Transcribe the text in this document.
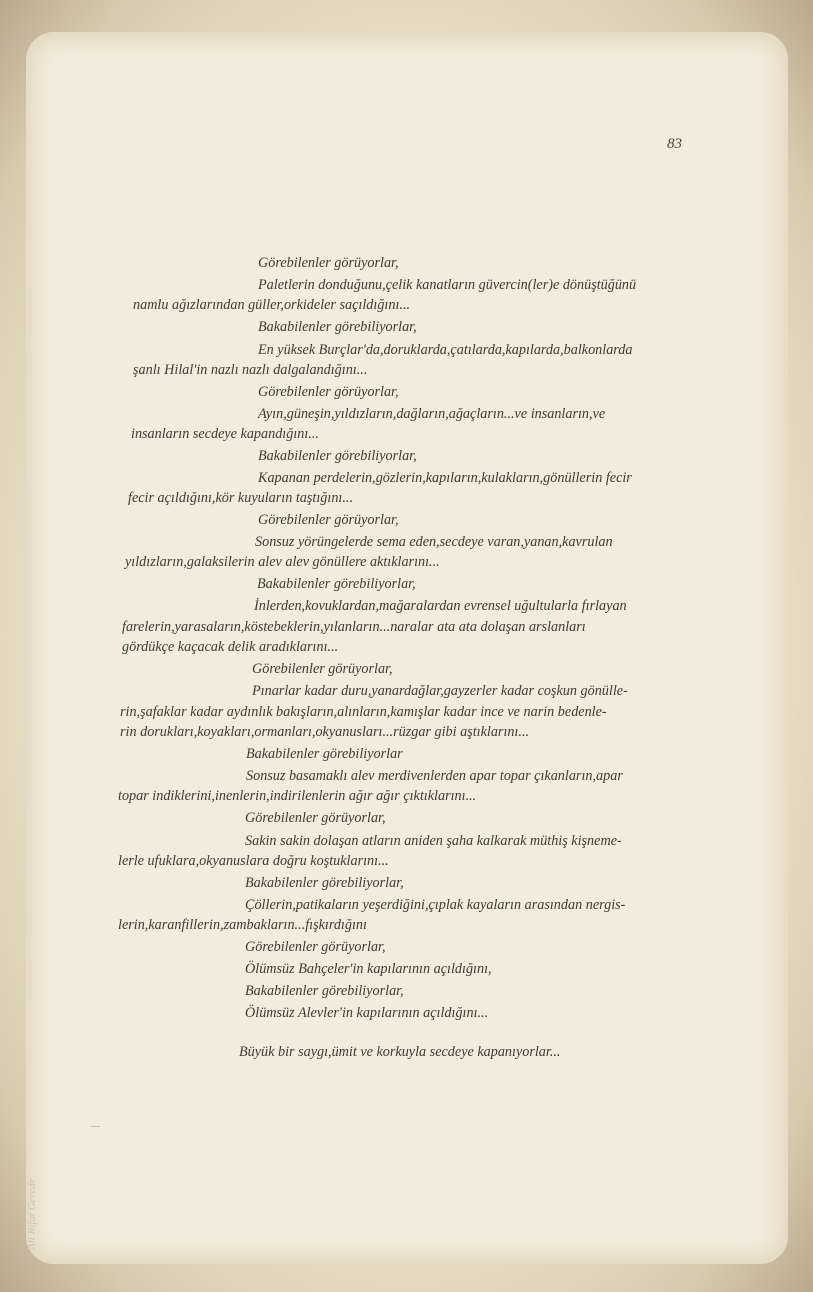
83
Görebilenler görüyorlar,
Paletlerin donduğunu,çelik kanatların güvercin(ler)e dönüştüğünü
namlu ağızlarından güller,orkideler saçıldığını...
Bakabilenler görebiliyorlar,
En yüksek Burçlar'da,doruklarda,çatılarda,kapılarda,balkonlarda
şanlı Hilal'in nazlı nazlı dalgalandığını...
Görebilenler görüyorlar,
Ayın,güneşin,yıldızların,dağların,ağaçların...ve insanların,ve
insanların secdeye kapandığını...
Bakabilenler görebiliyorlar,
Kapanan perdelerin,gözlerin,kapıların,kulakların,gönüllerin fecir
fecir açıldığını,kör kuyuların taştığını...
Görebilenler görüyorlar,
Sonsuz yörüngelerde sema eden,secdeye varan,yanan,kavrulan
yıldızların,galaksilerin alev alev gönüllere aktıklarını...
Bakabilenler görebiliyorlar,
İnlerden,kovuklardan,mağaralardan evrensel uğultularla fırlayan
farelerin,yarasaların,köstebeklerin,yılanların...naralar ata ata dolaşan arslanları
gördükçe kaçacak delik aradıklarını...
Görebilenler görüyorlar,
Pınarlar kadar duru,yanardağlar,gayzerler kadar coşkun gönülle-
rin,şafaklar kadar aydınlık bakışların,alınların,kamışlar kadar ince ve narin bedenle-
rin dorukları,koyakları,ormanları,okyanusları...rüzgar gibi aştıklarını...
Bakabilenler görebiliyorlar
Sonsuz basamaklı alev merdivenlerden apar topar çıkanların,apar
topar indiklerini,inenlerin,indirilenlerin ağır ağır çıktıklarını...
Görebilenler görüyorlar,
Sakin sakin dolaşan atların aniden şaha kalkarak müthiş kişneme-
lerle ufuklara,okyanuslara doğru koştuklarını...
Bakabilenler görebiliyorlar,
Çöllerin,patikaların yeşerdiğini,çıplak kayaların arasından nergis-
lerin,karanfillerin,zambakların...fışkırdığını
Görebilenler görüyorlar,
Ölümsüz Bahçeler'in kapılarının açıldığını,
Bakabilenler görebiliyorlar,
Ölümsüz Alevler'in kapılarının açıldığını...
Büyük bir saygı,ümit ve korkuyla secdeye kapanıyorlar...
Ali Rıfat Gerede
